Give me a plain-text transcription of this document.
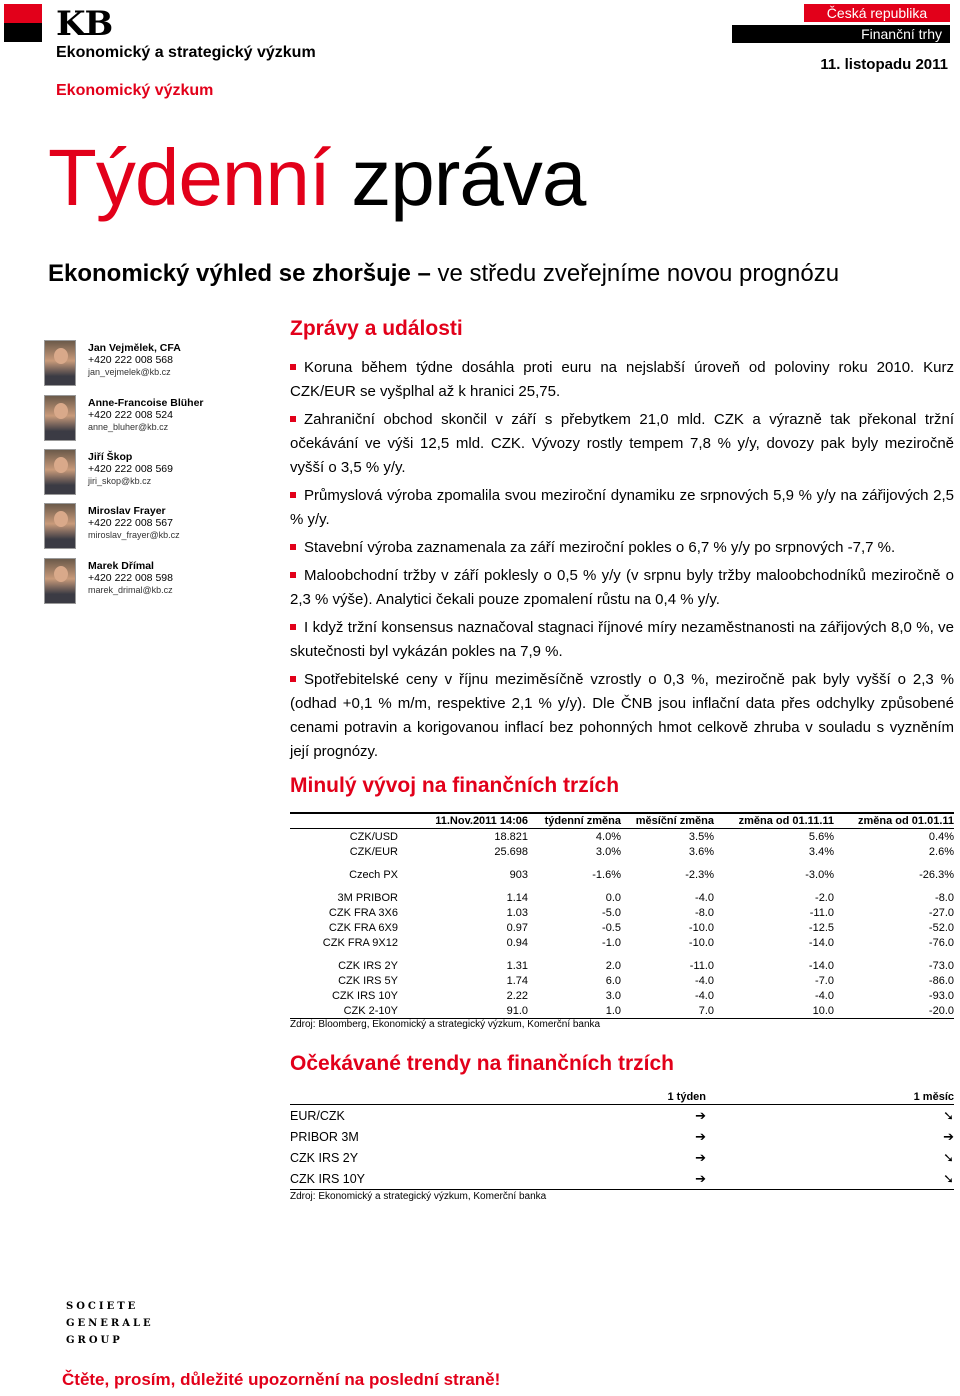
KB
Ekonomický a strategický výzkum
Ekonomický výzkum
Česká republika
Finanční trhy
11. listopadu 2011
Týdenní zpráva
Ekonomický výhled se zhoršuje – ve středu zveřejníme novou prognózu
Jan Vejmělek, CFA
+420 222 008 568
jan_vejmelek@kb.cz
Anne-Francoise Blüher
+420 222 008 524
anne_bluher@kb.cz
Jiří Škop
+420 222 008 569
jiri_skop@kb.cz
Miroslav Frayer
+420 222 008 567
miroslav_frayer@kb.cz
Marek Dřímal
+420 222 008 598
marek_drimal@kb.cz
Zprávy a události
Koruna během týdne dosáhla proti euru na nejslabší úroveň od poloviny roku 2010. Kurz CZK/EUR se vyšplhal až k hranici 25,75.
Zahraniční obchod skončil v září s přebytkem 21,0 mld. CZK a výrazně tak překonal tržní očekávání ve výši 12,5 mld. CZK. Vývozy rostly tempem 7,8 % y/y, dovozy pak byly meziročně vyšší o 3,5 % y/y.
Průmyslová výroba zpomalila svou meziroční dynamiku ze srpnových 5,9 % y/y na zářijových 2,5 % y/y.
Stavební výroba zaznamenala za září meziroční pokles o 6,7 % y/y po srpnových -7,7 %.
Maloobchodní tržby v září poklesly o 0,5 % y/y (v srpnu byly tržby maloobchodníků meziročně o 2,3 % výše). Analytici čekali pouze zpomalení růstu na 0,4 % y/y.
I když tržní konsensus naznačoval stagnaci říjnové míry nezaměstnanosti na zářijových 8,0 %, ve skutečnosti byl vykázán pokles na 7,9 %.
Spotřebitelské ceny v říjnu meziměsíčně vzrostly o 0,3 %, meziročně pak byly vyšší o 2,3 % (odhad +0,1 % m/m, respektive 2,1 % y/y). Dle ČNB jsou inflační data přes odchylky způsobené cenami potravin a korigovanou inflací bez pohonných hmot celkově zhruba v souladu s vyzněním její prognózy.
Minulý vývoj na finančních trzích
	11.Nov.2011 14:06	týdenní změna	měsíční změna	změna od 01.11.11	změna od 01.01.11
CZK/USD	18.821	4.0%	3.5%	5.6%	0.4%
CZK/EUR	25.698	3.0%	3.6%	3.4%	2.6%

Czech PX	903	-1.6%	-2.3%	-3.0%	-26.3%

3M PRIBOR	1.14	0.0	-4.0	-2.0	-8.0
CZK FRA 3X6	1.03	-5.0	-8.0	-11.0	-27.0
CZK FRA 6X9	0.97	-0.5	-10.0	-12.5	-52.0
CZK FRA 9X12	0.94	-1.0	-10.0	-14.0	-76.0

CZK IRS 2Y	1.31	2.0	-11.0	-14.0	-73.0
CZK IRS 5Y	1.74	6.0	-4.0	-7.0	-86.0
CZK IRS 10Y	2.22	3.0	-4.0	-4.0	-93.0
CZK 2-10Y	91.0	1.0	7.0	10.0	-20.0
Zdroj: Bloomberg, Ekonomický a strategický výzkum, Komerční banka
Očekávané trendy na finančních trzích
	1 týden	1 měsíc
EUR/CZK	➔	➘
PRIBOR 3M	➔	➔
CZK IRS 2Y	➔	➘
CZK IRS 10Y	➔	➘
Zdroj: Ekonomický a strategický výzkum, Komerční banka
SOCIETE
GENERALE
GROUP
Čtěte, prosím, důležité upozornění na poslední straně!
